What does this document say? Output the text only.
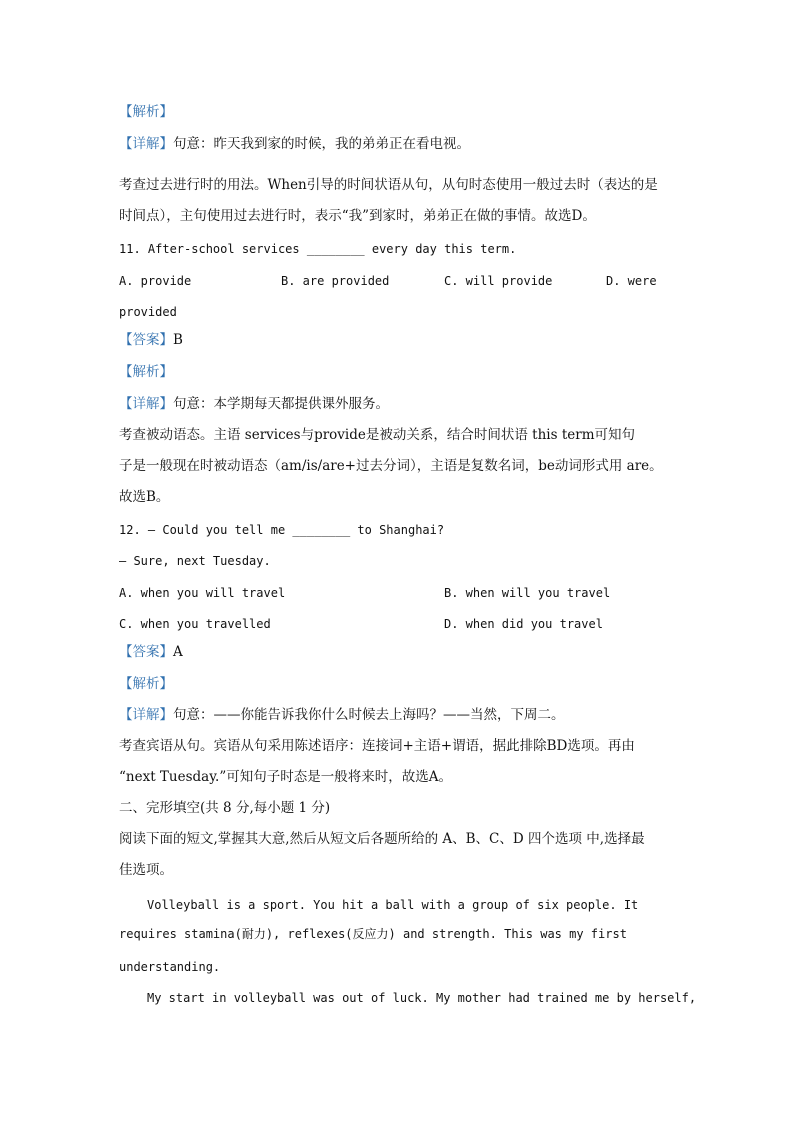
【解析】
【详解】句意：昨天我到家的时候，我的弟弟正在看电视。
考查过去进行时的用法。When引导的时间状语从句，从句时态使用一般过去时（表达的是
时间点），主句使用过去进行时，表示“我”到家时，弟弟正在做的事情。故选D。
11. After-school services ________ every day this term.
A. provide	B. are provided	C. will provide	D. were
provided
【答案】B
【解析】
【详解】句意：本学期每天都提供课外服务。
考查被动语态。主语 services与provide是被动关系，结合时间状语 this term可知句
子是一般现在时被动语态（am/is/are+过去分词），主语是复数名词，be动词形式用 are。
故选B。
12. — Could you tell me ________ to Shanghai?
— Sure, next Tuesday.
A. when you will travel	B. when will you travel
C. when you travelled	D. when did you travel
【答案】A
【解析】
【详解】句意：——你能告诉我你什么时候去上海吗？——当然，下周二。
考查宾语从句。宾语从句采用陈述语序：连接词+主语+谓语，据此排除BD选项。再由
“next Tuesday.”可知句子时态是一般将来时，故选A。
二、完形填空(共 8 分,每小题 1 分)
阅读下面的短文,掌握其大意,然后从短文后各题所给的 A、B、C、D 四个选项 中,选择最
佳选项。
Volleyball is a sport. You hit a ball with a group of six people. It
requires stamina(耐力), reflexes(反应力) and strength. This was my first
understanding.
My start in volleyball was out of luck. My mother had trained me by herself,
